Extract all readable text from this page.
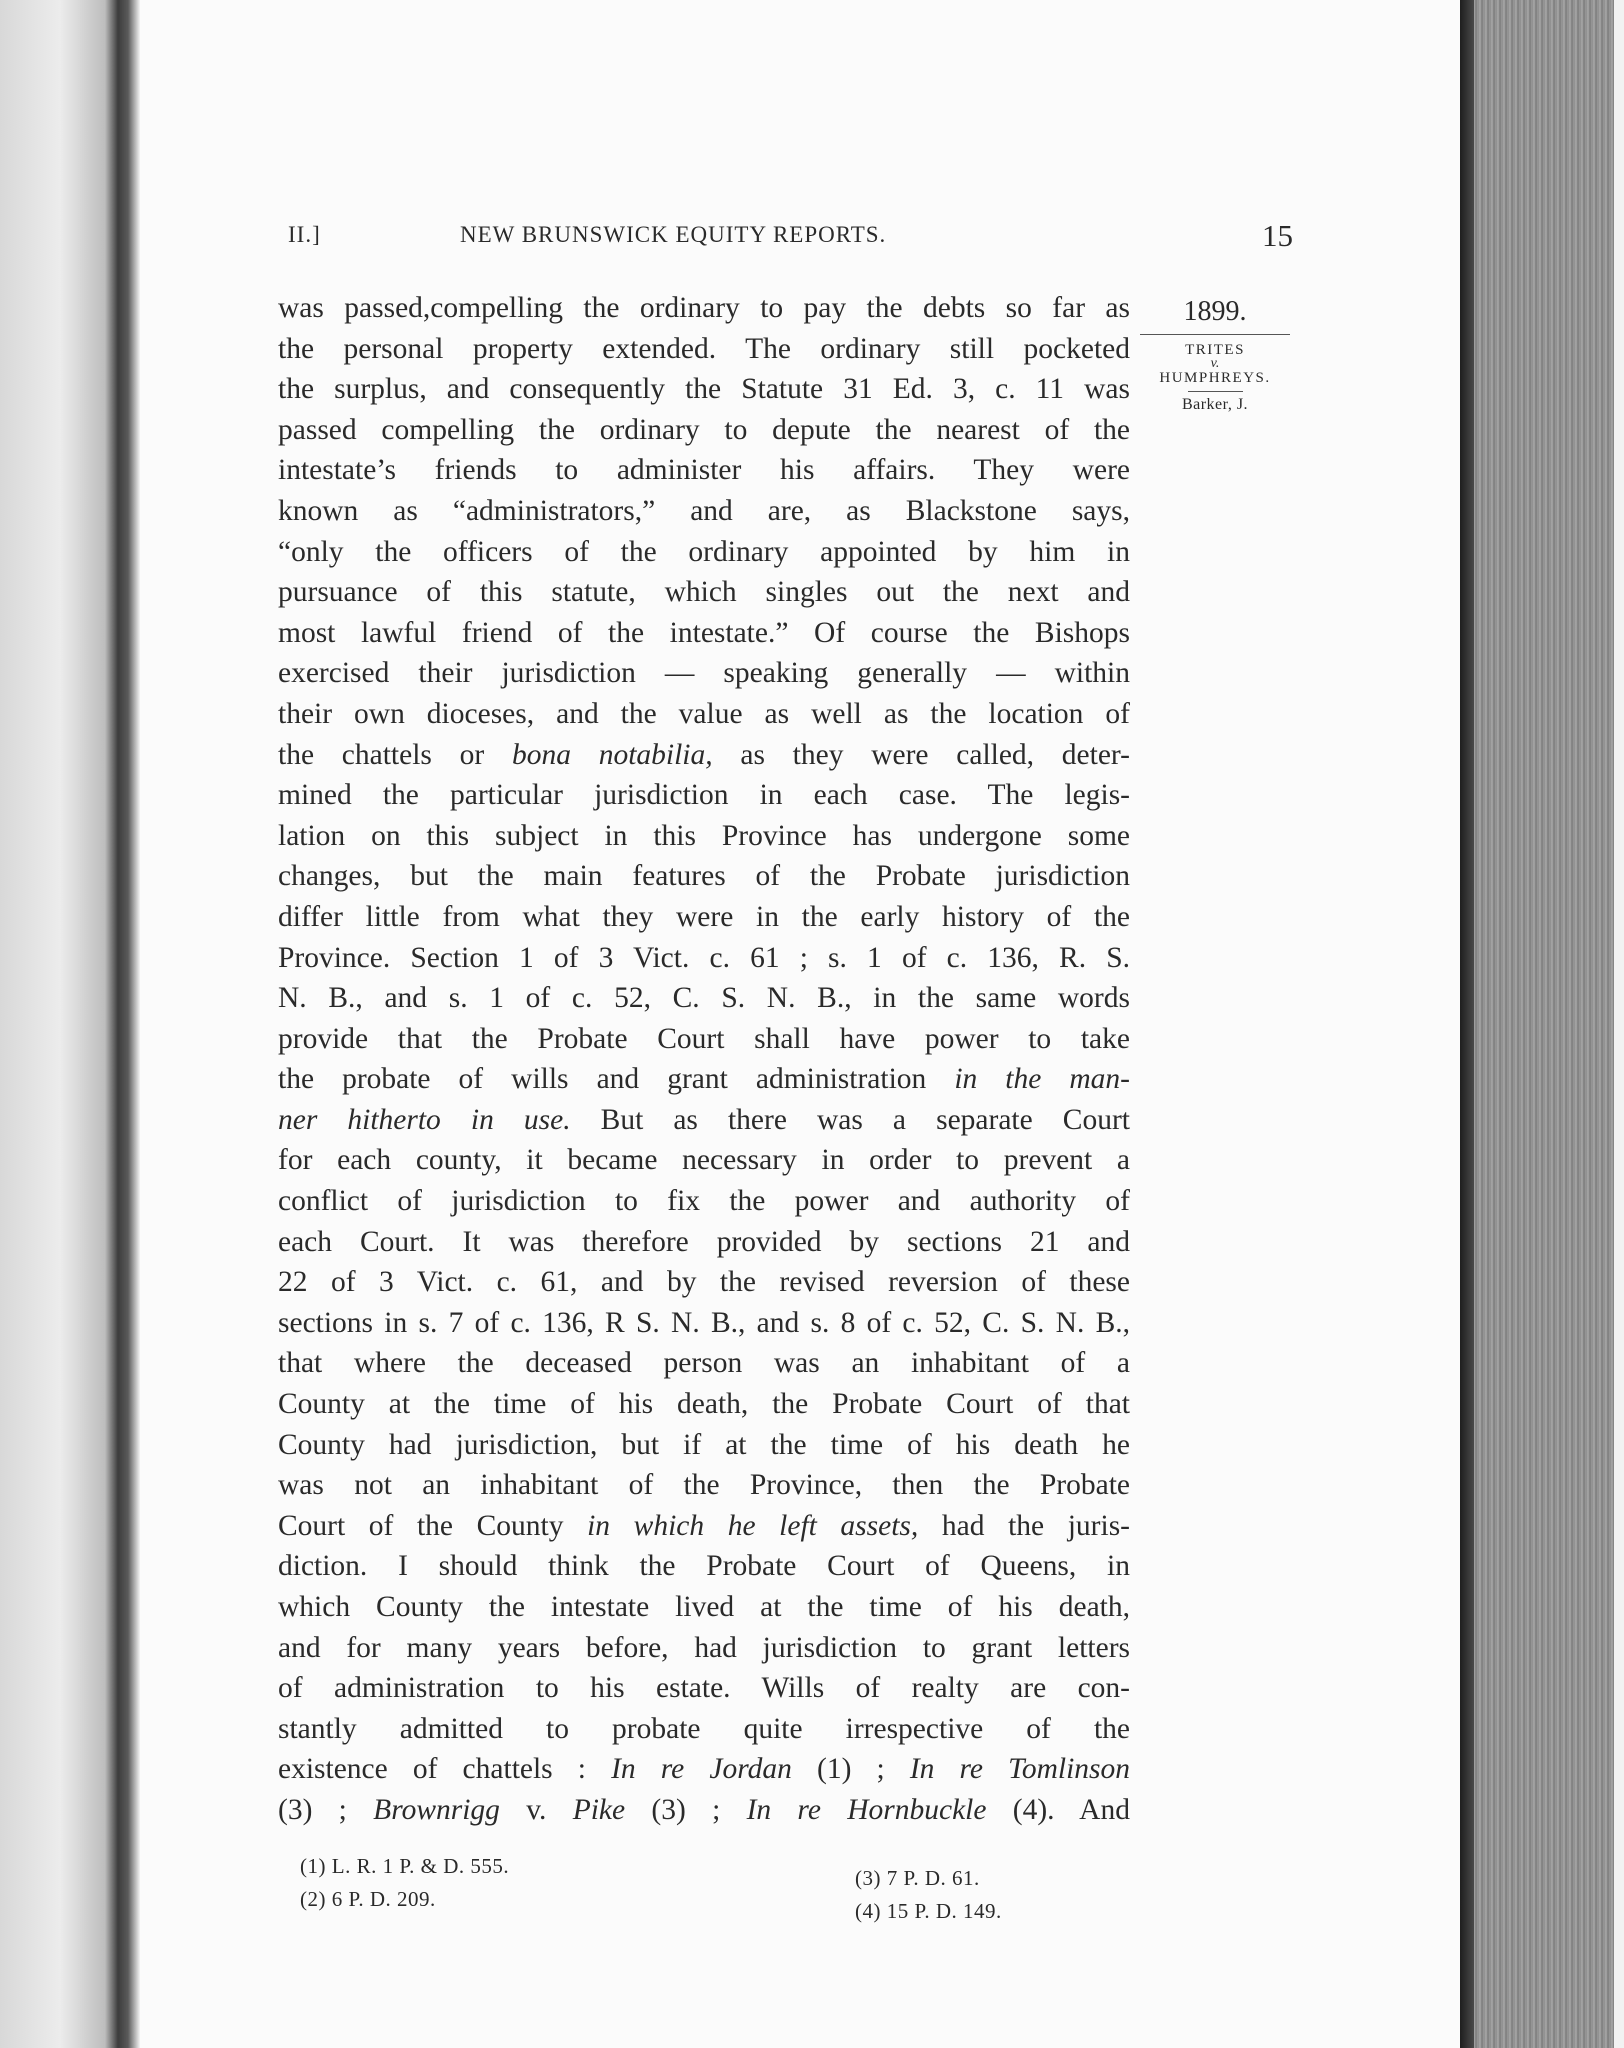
II.]	NEW BRUNSWICK EQUITY REPORTS.	15
1899.
TRITES
v.
HUMPHREYS.
Barker, J.
was passed,compelling the ordinary to pay the debts so far as
the personal property extended. The ordinary still pocketed
the surplus, and consequently the Statute 31 Ed. 3, c. 11 was
passed compelling the ordinary to depute the nearest of the
intestate’s friends to administer his affairs. They were
known as “administrators,” and are, as Blackstone says,
“only the officers of the ordinary appointed by him in
pursuance of this statute, which singles out the next and
most lawful friend of the intestate.” Of course the Bishops
exercised their jurisdiction — speaking generally — within
their own dioceses, and the value as well as the location of
the chattels or bona notabilia, as they were called, deter-
mined the particular jurisdiction in each case. The legis-
lation on this subject in this Province has undergone some
changes, but the main features of the Probate jurisdiction
differ little from what they were in the early history of the
Province. Section 1 of 3 Vict. c. 61 ; s. 1 of c. 136, R. S.
N. B., and s. 1 of c. 52, C. S. N. B., in the same words
provide that the Probate Court shall have power to take
the probate of wills and grant administration in the man-
ner hitherto in use. But as there was a separate Court
for each county, it became necessary in order to prevent a
conflict of jurisdiction to fix the power and authority of
each Court. It was therefore provided by sections 21 and
22 of 3 Vict. c. 61, and by the revised reversion of these
sections in s. 7 of c. 136, R S. N. B., and s. 8 of c. 52, C. S. N. B.,
that where the deceased person was an inhabitant of a
County at the time of his death, the Probate Court of that
County had jurisdiction, but if at the time of his death he
was not an inhabitant of the Province, then the Probate
Court of the County in which he left assets, had the juris-
diction. I should think the Probate Court of Queens, in
which County the intestate lived at the time of his death,
and for many years before, had jurisdiction to grant letters
of administration to his estate. Wills of realty are con-
stantly admitted to probate quite irrespective of the
existence of chattels : In re Jordan (1) ; In re Tomlinson
(3) ; Brownrigg v. Pike (3) ; In re Hornbuckle (4). And
(1) L. R. 1 P. & D. 555.
(2) 6 P. D. 209.
(3) 7 P. D. 61.
(4) 15 P. D. 149.
